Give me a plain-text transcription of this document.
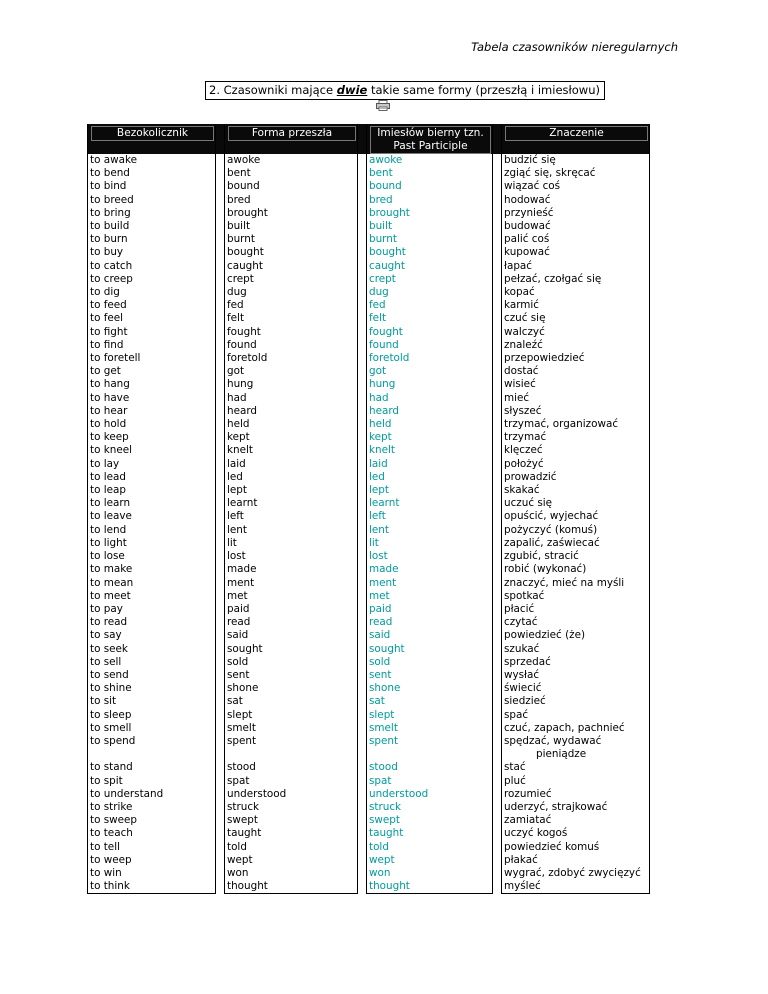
Tabela czasowników nieregularnych
2. Czasowniki mające dwie takie same formy (przeszłą i imiesłowu)
Bezokolicznik		Forma przeszła		Imiesłów bierny tzn.
Past Participle		Znaczenie

to awake		awoke		awoke		budzić się
to bend		bent		bent		zgiąć się, skręcać
to bind		bound		bound		wiązać coś
to breed		bred		bred		hodować
to bring		brought		brought		przynieść
to build		built		built		budować
to burn		burnt		burnt		palić coś
to buy		bought		bought		kupować
to catch		caught		caught		łapać
to creep		crept		crept		pełzać, czołgać się
to dig		dug		dug		kopać
to feed		fed		fed		karmić
to feel		felt		felt		czuć się
to fight		fought		fought		walczyć
to find		found		found		znaleźć
to foretell		foretold		foretold		przepowiedzieć
to get		got		got		dostać
to hang		hung		hung		wisieć
to have		had		had		mieć
to hear		heard		heard		słyszeć
to hold		held		held		trzymać, organizować
to keep		kept		kept		trzymać
to kneel		knelt		knelt		klęczeć
to lay		laid		laid		położyć
to lead		led		led		prowadzić
to leap		lept		lept		skakać
to learn		learnt		learnt		uczuć się
to leave		left		left		opuścić, wyjechać
to lend		lent		lent		pożyczyć (komuś)
to light		lit		lit		zapalić, zaświecać
to lose		lost		lost		zgubić, stracić
to make		made		made		robić (wykonać)
to mean		ment		ment		znaczyć, mieć na myśli
to meet		met		met		spotkać
to pay		paid		paid		płacić
to read		read		read		czytać
to say		said		said		powiedzieć (że)
to seek		sought		sought		szukać
to sell		sold		sold		sprzedać
to send		sent		sent		wysłać
to shine		shone		shone		świecić
to sit		sat		sat		siedzieć
to sleep		slept		slept		spać
to smell		smelt		smelt		czuć, zapach, pachnieć
to spend		spent		spent		spędzać, wydawać
pieniądze

to stand		stood		stood		stać
to spit		spat		spat		pluć
to understand		understood		understood		rozumieć
to strike		struck		struck		uderzyć, strajkować
to sweep		swept		swept		zamiatać
to teach		taught		taught		uczyć kogoś
to tell		told		told		powiedzieć komuś
to weep		wept		wept		płakać
to win		won		won		wygrać, zdobyć zwycięzyć
to think		thought		thought		myśleć
